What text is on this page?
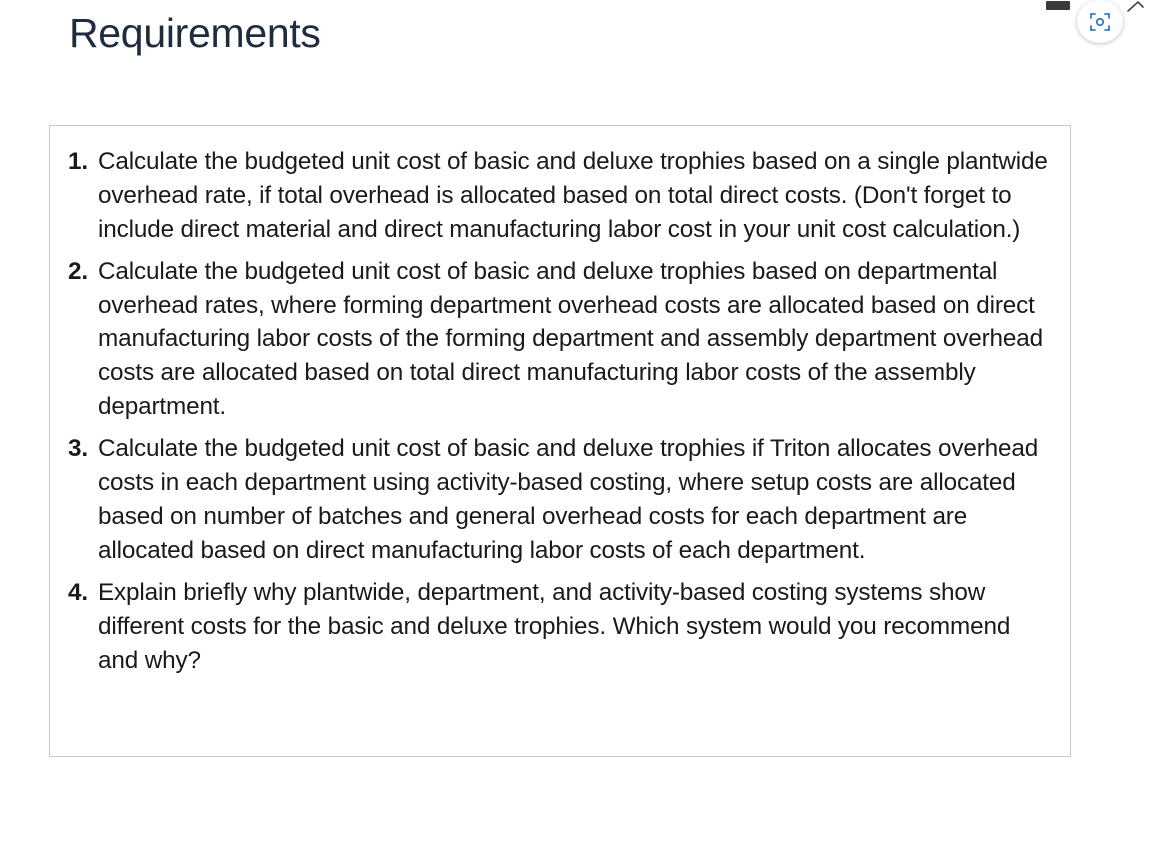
Requirements
1. Calculate the budgeted unit cost of basic and deluxe trophies based on a single plantwide overhead rate, if total overhead is allocated based on total direct costs. (Don't forget to include direct material and direct manufacturing labor cost in your unit cost calculation.)
2. Calculate the budgeted unit cost of basic and deluxe trophies based on departmental overhead rates, where forming department overhead costs are allocated based on direct manufacturing labor costs of the forming department and assembly department overhead costs are allocated based on total direct manufacturing labor costs of the assembly department.
3. Calculate the budgeted unit cost of basic and deluxe trophies if Triton allocates overhead costs in each department using activity-based costing, where setup costs are allocated based on number of batches and general overhead costs for each department are allocated based on direct manufacturing labor costs of each department.
4. Explain briefly why plantwide, department, and activity-based costing systems show different costs for the basic and deluxe trophies. Which system would you recommend and why?
